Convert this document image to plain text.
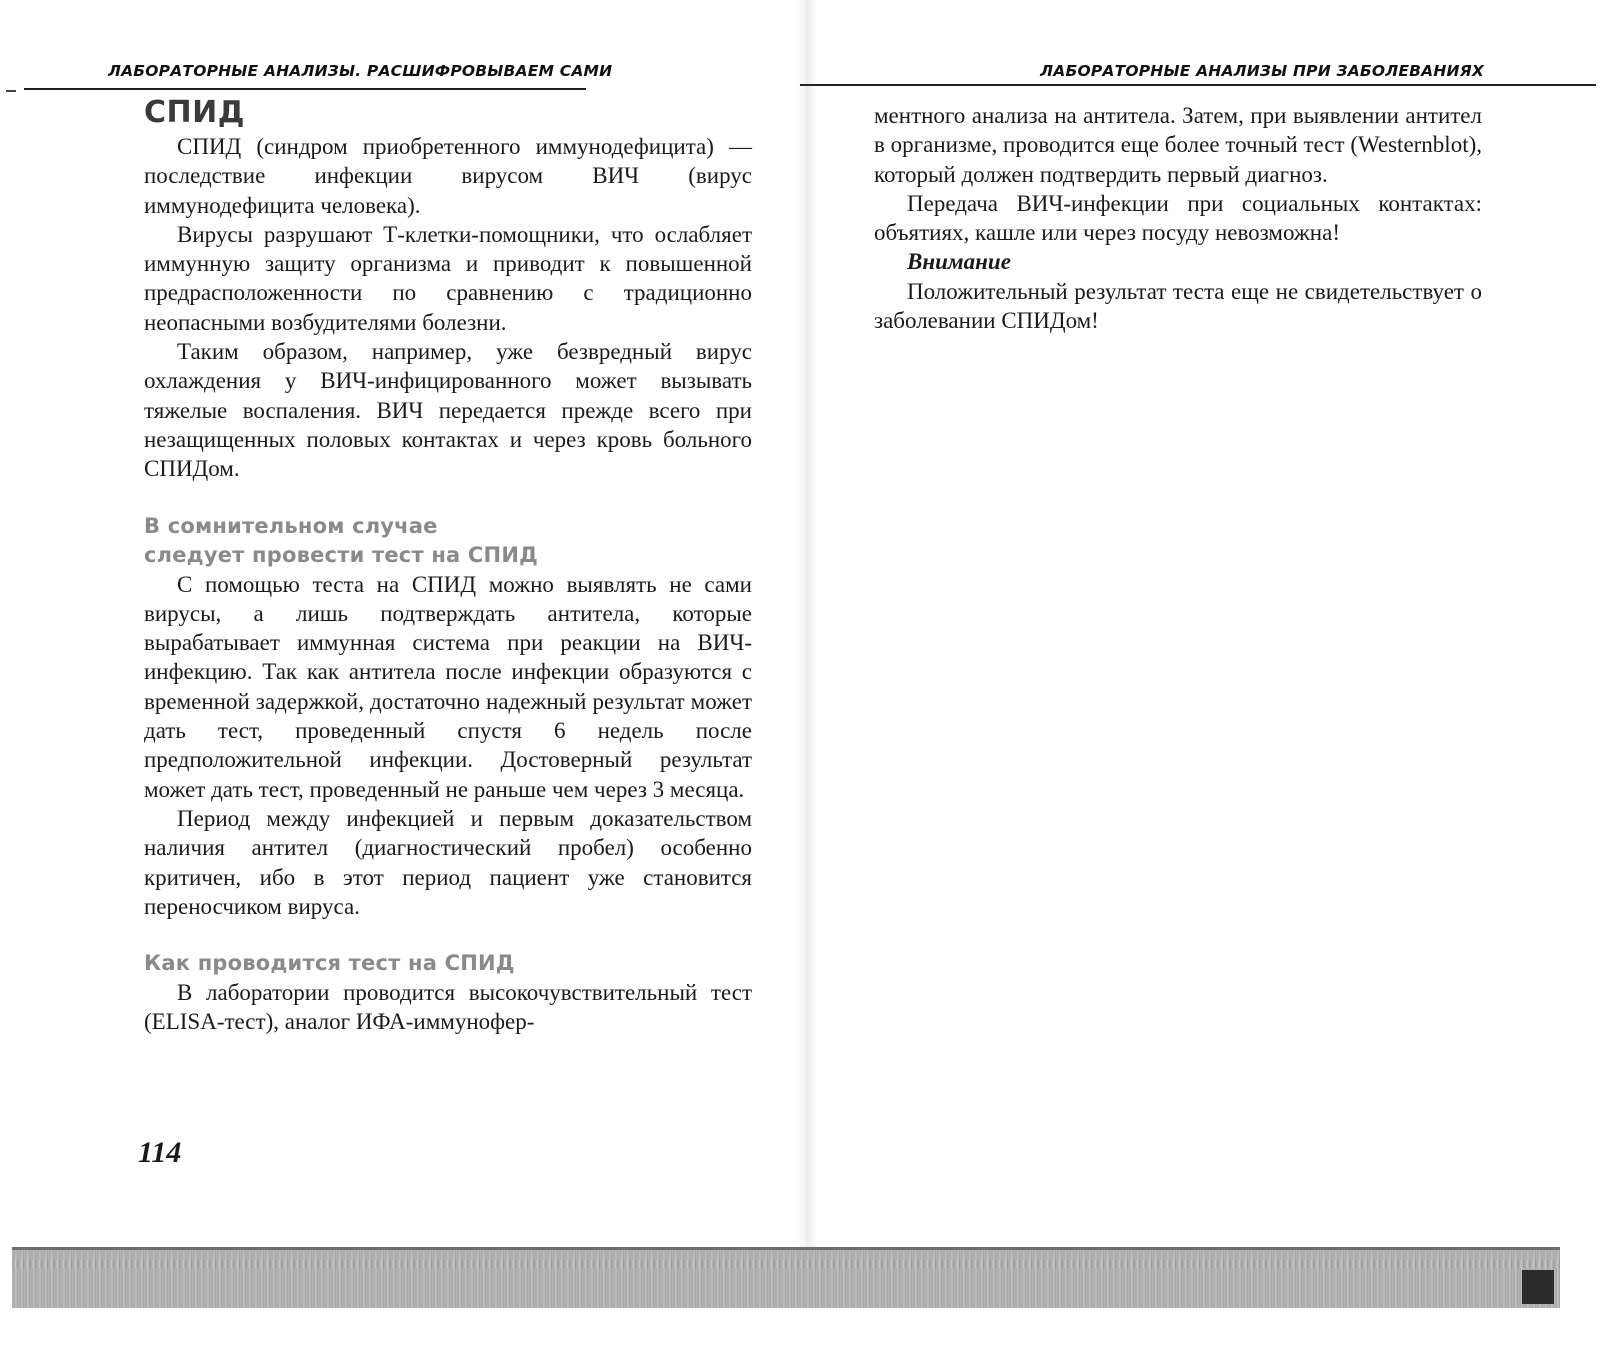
ЛАБОРАТОРНЫЕ АНАЛИЗЫ. РАСШИФРОВЫВАЕМ САМИ
СПИД

СПИД (синдром приобретенного иммунодефицита) — последствие инфекции вирусом ВИЧ (вирус иммунодефицита человека).

Вирусы разрушают Т-клетки-помощники, что ослабляет иммунную защиту организма и приводит к повышенной предрасположенности по сравнению с традиционно неопасными возбудителями болезни.

Таким образом, например, уже безвредный вирус охлаждения у ВИЧ-инфицированного может вызывать тяжелые воспаления. ВИЧ передается прежде всего при незащищенных половых контактах и через кровь больного СПИДом.

В сомнительном случае
следует провести тест на СПИД

С помощью теста на СПИД можно выявлять не сами вирусы, а лишь подтверждать антитела, которые вырабатывает иммунная система при реакции на ВИЧ-инфекцию. Так как антитела после инфекции образуются с временной задержкой, достаточно надежный результат может дать тест, проведенный спустя 6 недель после предположительной инфекции. Достоверный результат может дать тест, проведенный не раньше чем через 3 месяца.

Период между инфекцией и первым доказательством наличия антител (диагностический пробел) особенно критичен, ибо в этот период пациент уже становится переносчиком вируса.

Как проводится тест на СПИД

В лаборатории проводится высокочувствительный тест (ELISA-тест), аналог ИФА-иммунофер-

114
ЛАБОРАТОРНЫЕ АНАЛИЗЫ ПРИ ЗАБОЛЕВАНИЯХ

ментного анализа на антитела. Затем, при выявлении антител в организме, проводится еще более точный тест (Westernblot), который должен подтвердить первый диагноз.

Передача ВИЧ-инфекции при социальных контактах: объятиях, кашле или через посуду невозможна!

Внимание

Положительный результат теста еще не свидетельствует о заболевании СПИДом!
